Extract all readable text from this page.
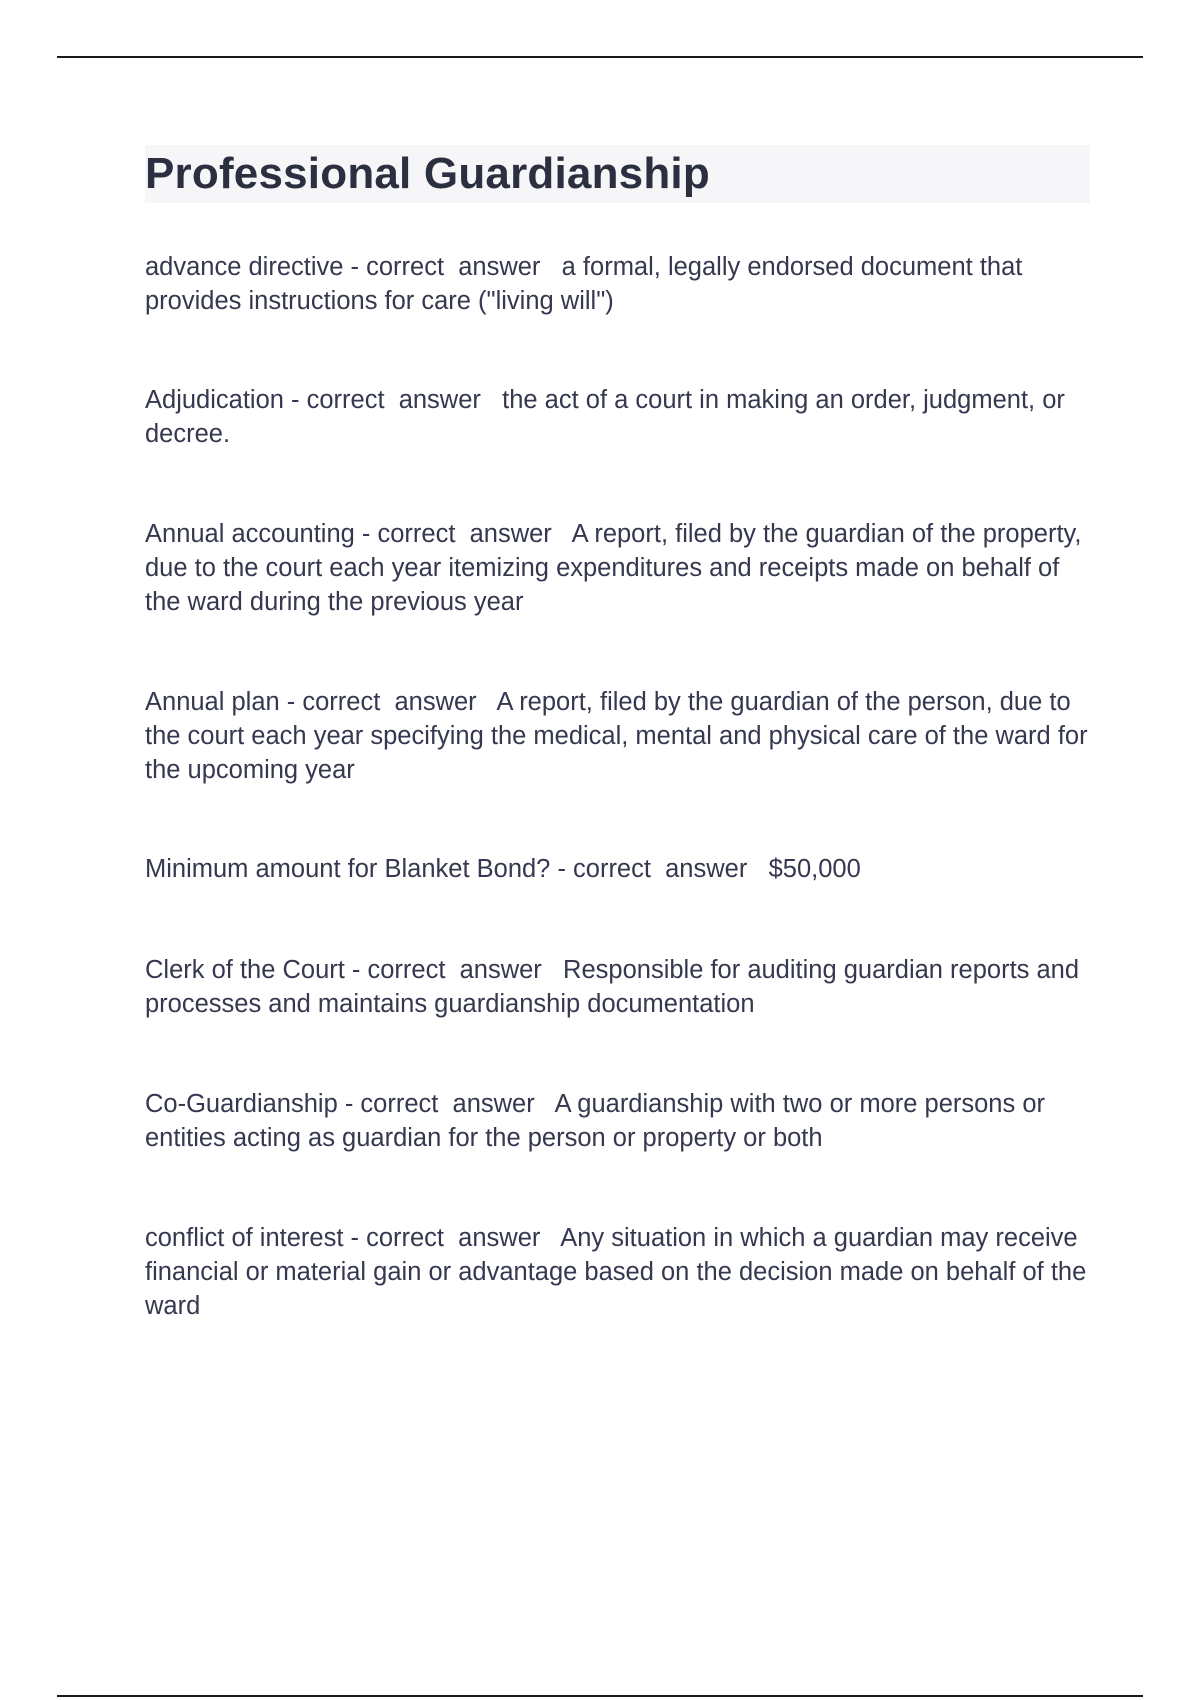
Professional Guardianship
advance directive - correct  answer   a formal, legally endorsed document that provides instructions for care ("living will")
Adjudication - correct  answer   the act of a court in making an order, judgment, or decree.
Annual accounting - correct  answer   A report, filed by the guardian of the property, due to the court each year itemizing expenditures and receipts made on behalf of the ward during the previous year
Annual plan - correct  answer   A report, filed by the guardian of the person, due to the court each year specifying the medical, mental and physical care of the ward for the upcoming year
Minimum amount for Blanket Bond? - correct  answer   $50,000
Clerk of the Court - correct  answer   Responsible for auditing guardian reports and processes and maintains guardianship documentation
Co-Guardianship - correct  answer   A guardianship with two or more persons or entities acting as guardian for the person or property or both
conflict of interest - correct  answer   Any situation in which a guardian may receive financial or material gain or advantage based on the decision made on behalf of the ward
